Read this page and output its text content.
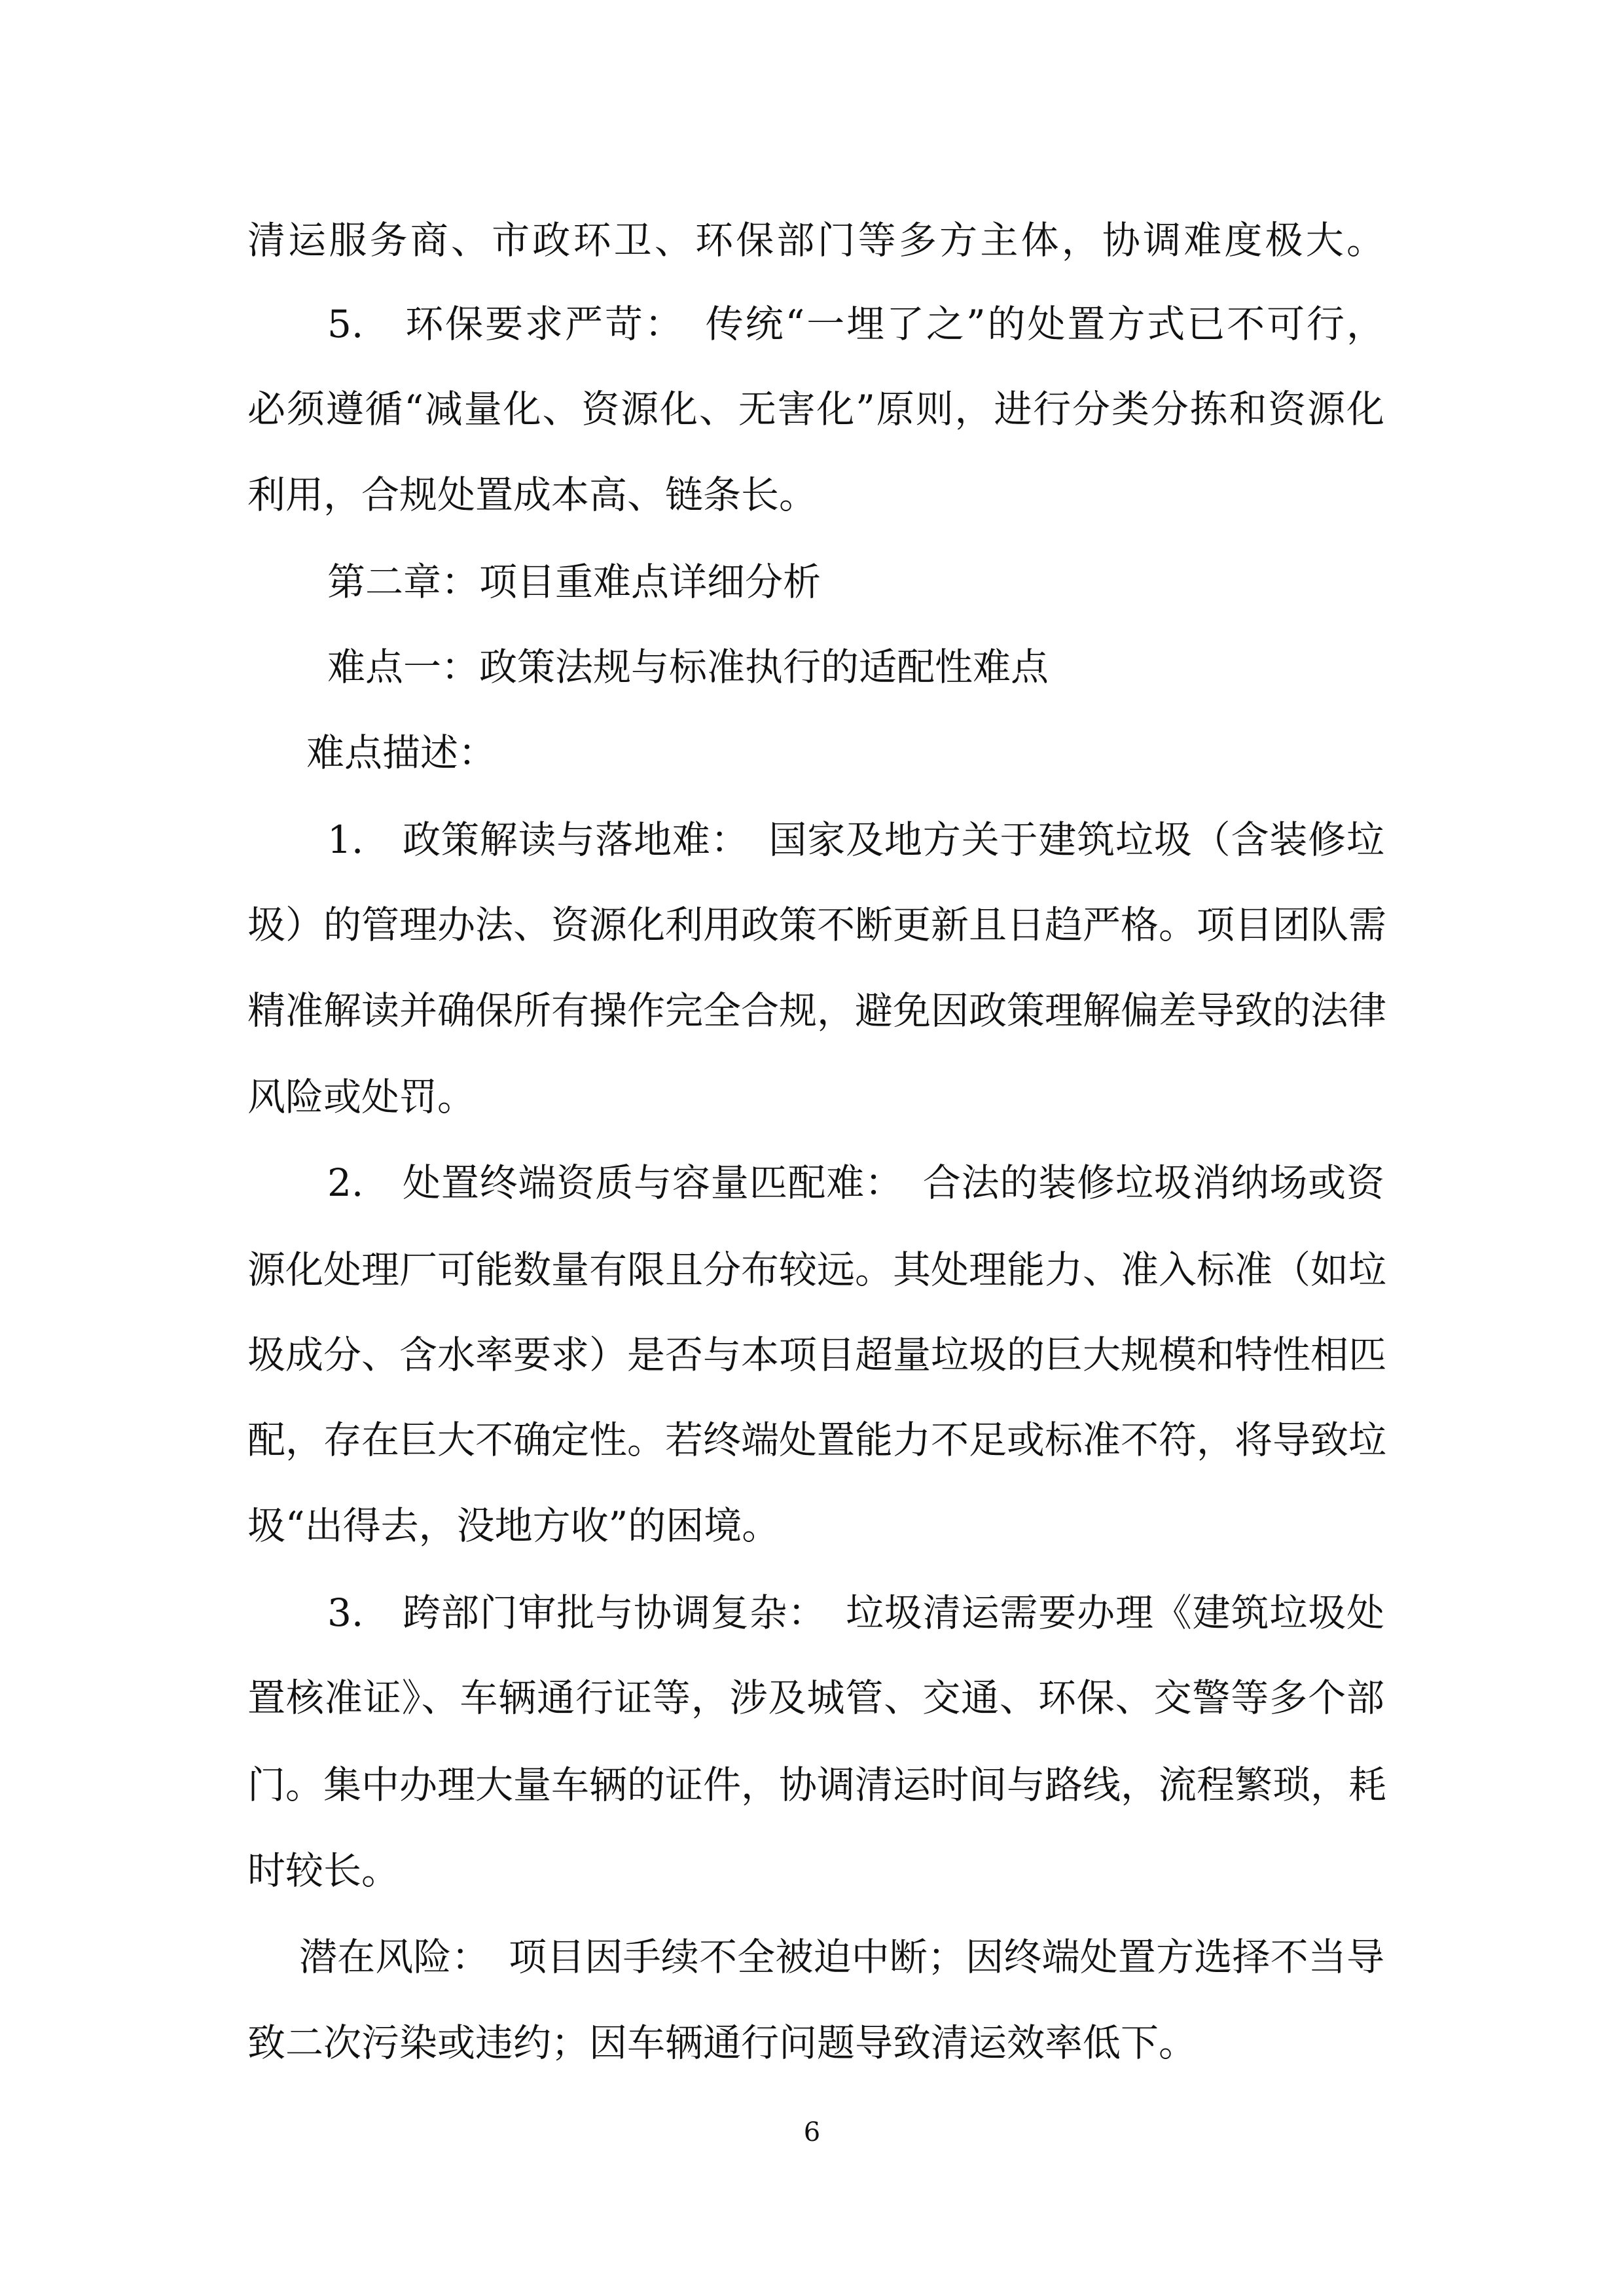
清运服务商、市政环卫、环保部门等多方主体，协调难度极大。
5.　环保要求严苛：　传统“一埋了之”的处置方式已不可行，
必须遵循“减量化、资源化、无害化”原则，进行分类分拣和资源化
利用，合规处置成本高、链条长。
第二章：项目重难点详细分析
难点一：政策法规与标准执行的适配性难点
难点描述：
1.　政策解读与落地难：　国家及地方关于建筑垃圾（含装修垃
圾）的管理办法、资源化利用政策不断更新且日趋严格。项目团队需
精准解读并确保所有操作完全合规，避免因政策理解偏差导致的法律
风险或处罚。
2.　处置终端资质与容量匹配难：　合法的装修垃圾消纳场或资
源化处理厂可能数量有限且分布较远。其处理能力、准入标准（如垃
圾成分、含水率要求）是否与本项目超量垃圾的巨大规模和特性相匹
配，存在巨大不确定性。若终端处置能力不足或标准不符，将导致垃
圾“出得去，没地方收”的困境。
3.　跨部门审批与协调复杂：　垃圾清运需要办理《建筑垃圾处
置核准证》、车辆通行证等，涉及城管、交通、环保、交警等多个部
门。集中办理大量车辆的证件，协调清运时间与路线，流程繁琐，耗
时较长。
潜在风险：　项目因手续不全被迫中断；因终端处置方选择不当导
致二次污染或违约；因车辆通行问题导致清运效率低下。
6
